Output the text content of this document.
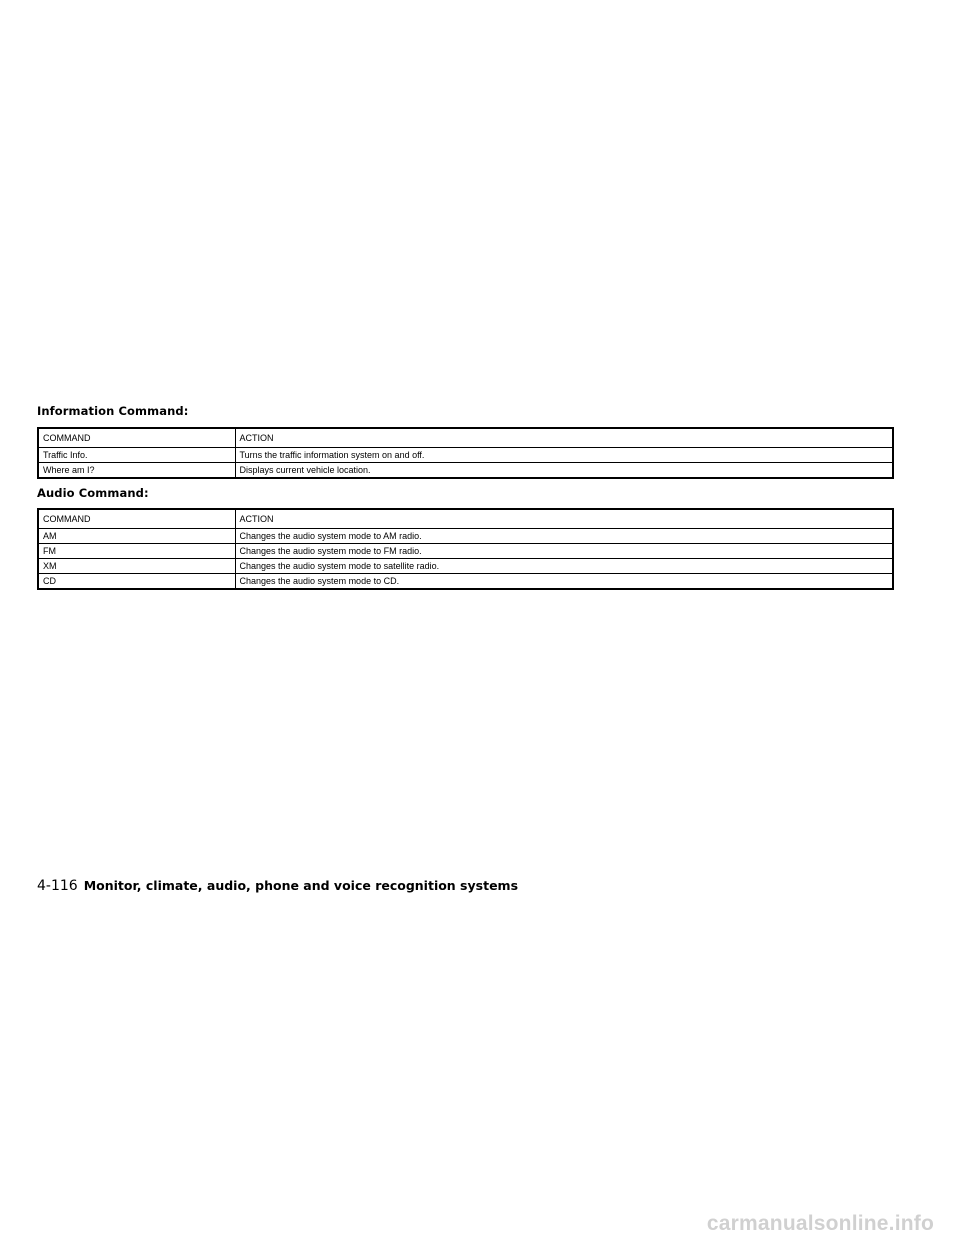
Information Command:
COMMAND	ACTION
Traffic Info.	Turns the traffic information system on and off.
Where am I?	Displays current vehicle location.
Audio Command:
COMMAND	ACTION
AM	Changes the audio system mode to AM radio.
FM	Changes the audio system mode to FM radio.
XM	Changes the audio system mode to satellite radio.
CD	Changes the audio system mode to CD.
4-116 Monitor, climate, audio, phone and voice recognition systems
carmanualsonline.info
